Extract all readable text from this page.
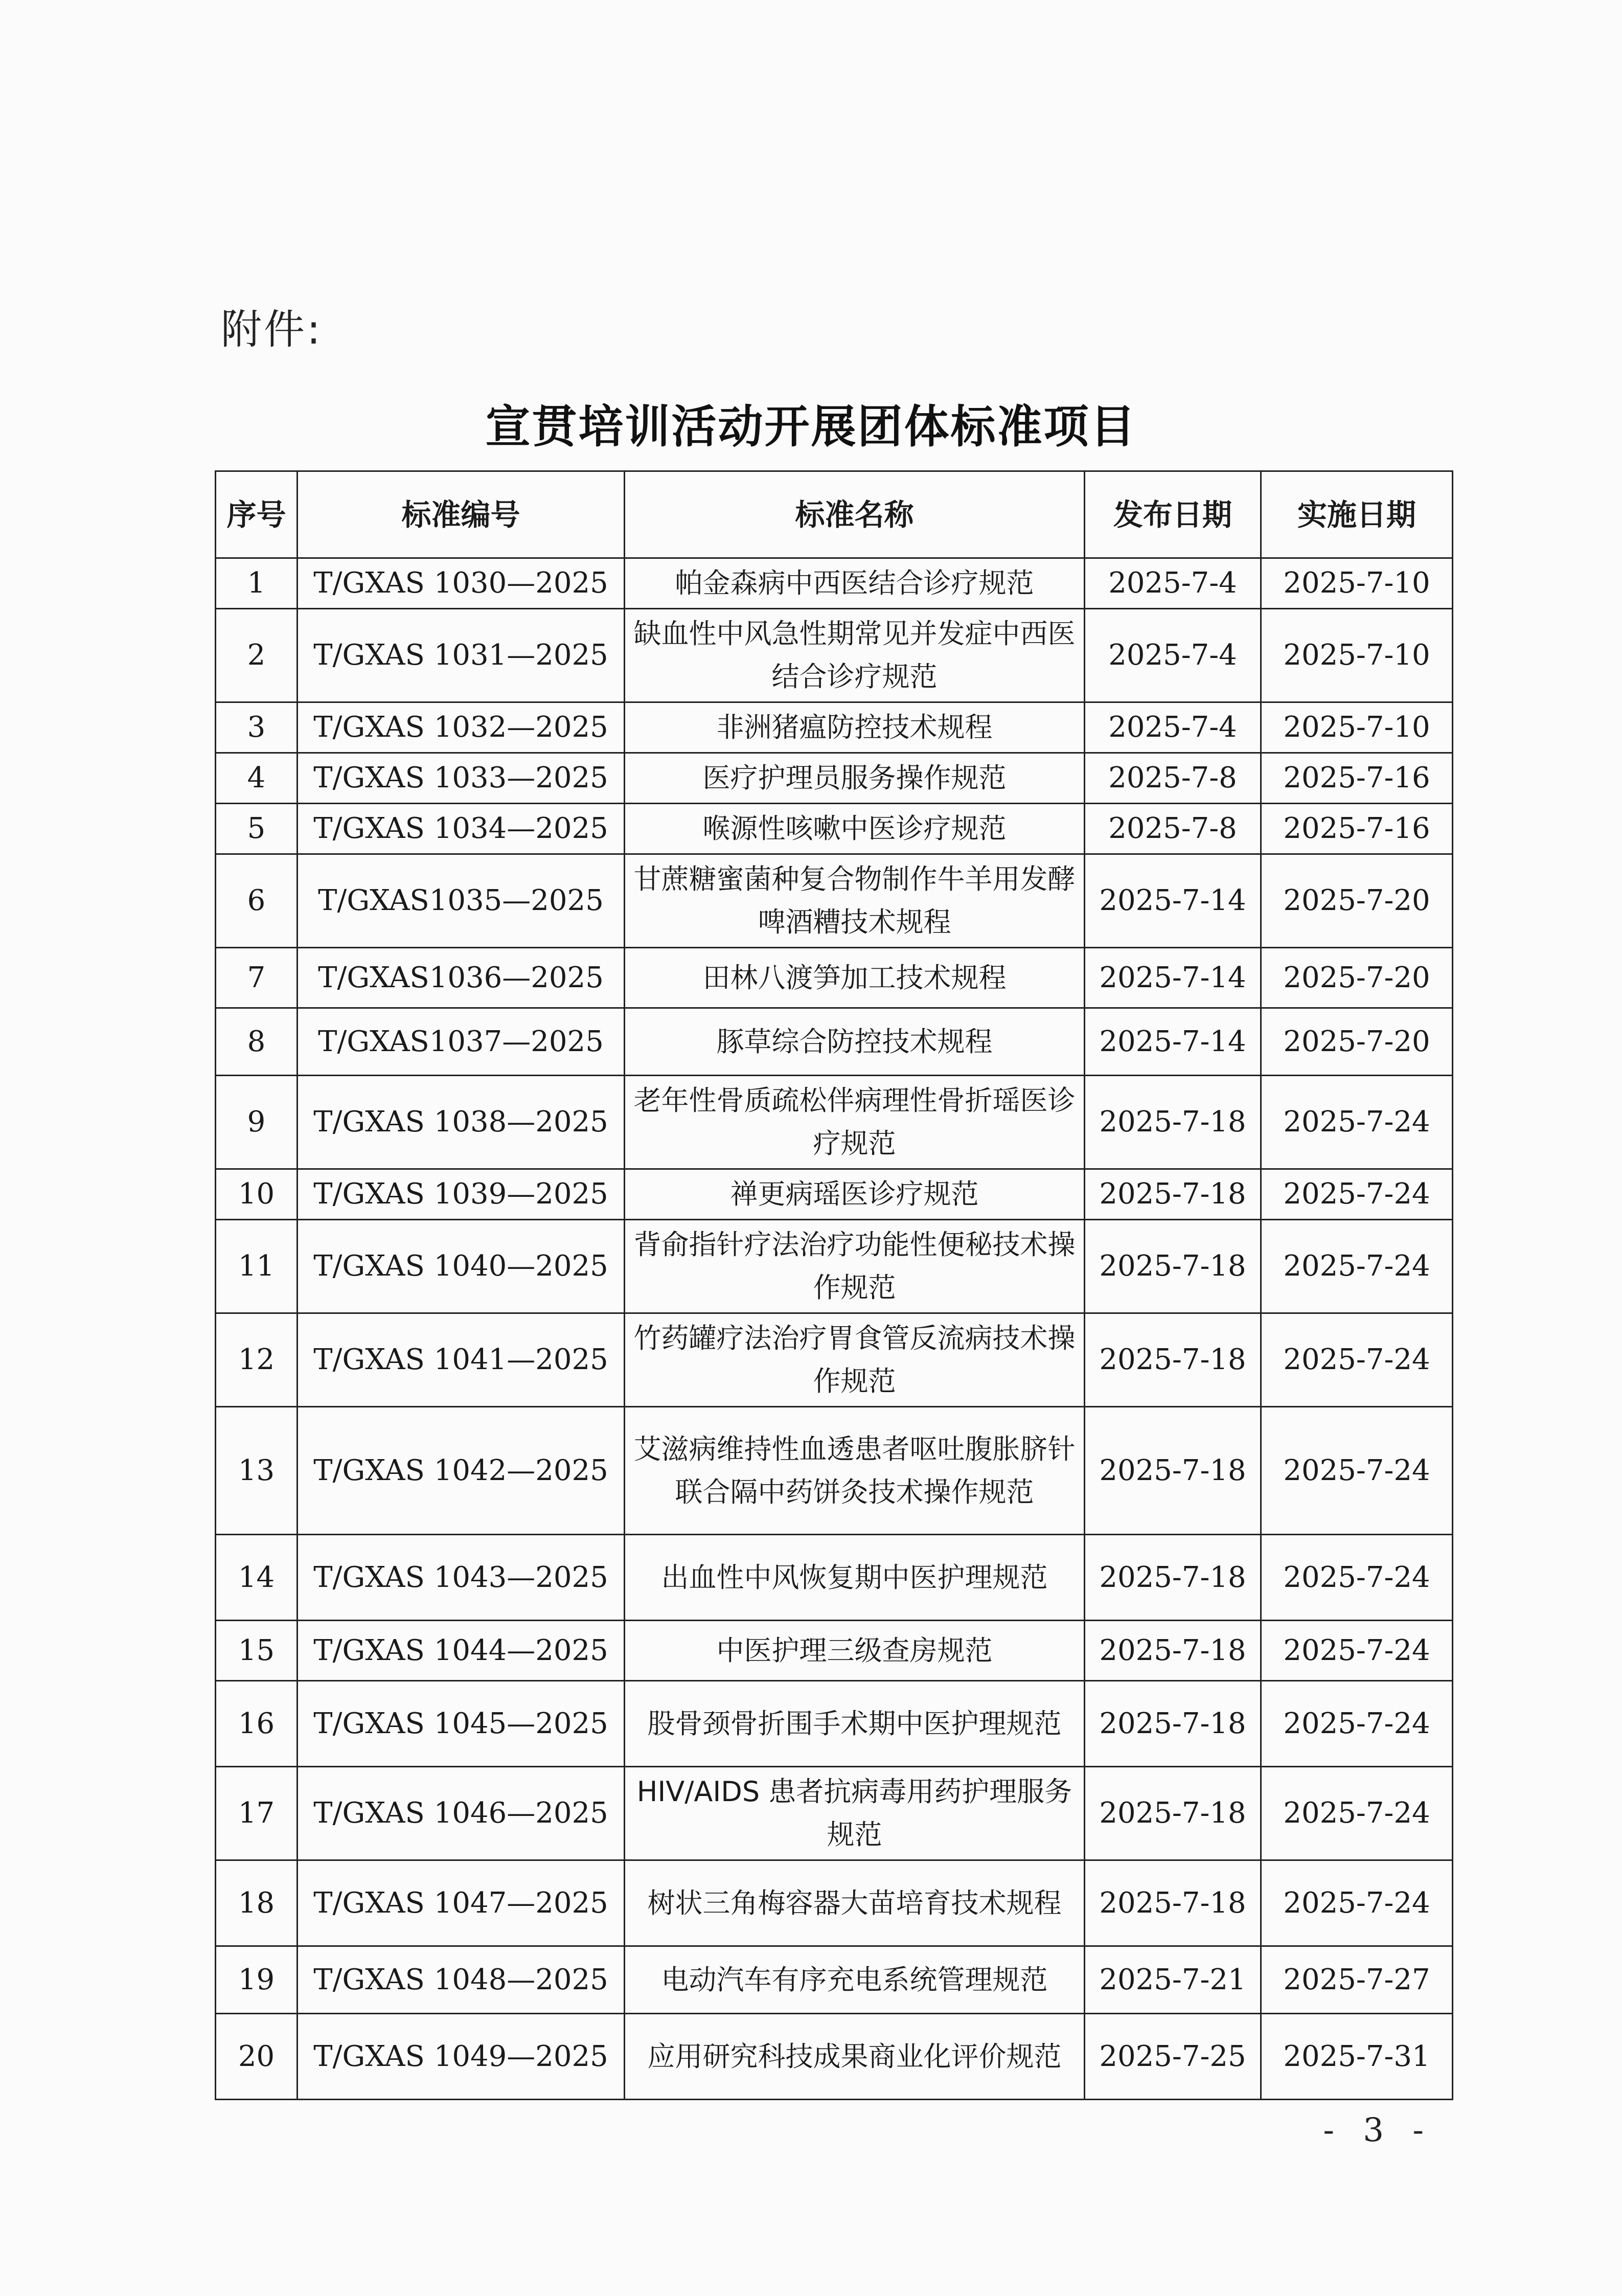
附件:
宣贯培训活动开展团体标准项目
序号	标准编号	标准名称	发布日期	实施日期
1	T/GXAS 1030—2025	帕金森病中西医结合诊疗规范	2025-7-4	2025-7-10
2	T/GXAS 1031—2025	缺血性中风急性期常见并发症中西医结合诊疗规范	2025-7-4	2025-7-10
3	T/GXAS 1032—2025	非洲猪瘟防控技术规程	2025-7-4	2025-7-10
4	T/GXAS 1033—2025	医疗护理员服务操作规范	2025-7-8	2025-7-16
5	T/GXAS 1034—2025	喉源性咳嗽中医诊疗规范	2025-7-8	2025-7-16
6	T/GXAS1035—2025	甘蔗糖蜜菌种复合物制作牛羊用发酵啤酒糟技术规程	2025-7-14	2025-7-20
7	T/GXAS1036—2025	田林八渡笋加工技术规程	2025-7-14	2025-7-20
8	T/GXAS1037—2025	豚草综合防控技术规程	2025-7-14	2025-7-20
9	T/GXAS 1038—2025	老年性骨质疏松伴病理性骨折瑶医诊疗规范	2025-7-18	2025-7-24
10	T/GXAS 1039—2025	禅更病瑶医诊疗规范	2025-7-18	2025-7-24
11	T/GXAS 1040—2025	背俞指针疗法治疗功能性便秘技术操作规范	2025-7-18	2025-7-24
12	T/GXAS 1041—2025	竹药罐疗法治疗胃食管反流病技术操作规范	2025-7-18	2025-7-24
13	T/GXAS 1042—2025	艾滋病维持性血透患者呕吐腹胀脐针联合隔中药饼灸技术操作规范	2025-7-18	2025-7-24
14	T/GXAS 1043—2025	出血性中风恢复期中医护理规范	2025-7-18	2025-7-24
15	T/GXAS 1044—2025	中医护理三级查房规范	2025-7-18	2025-7-24
16	T/GXAS 1045—2025	股骨颈骨折围手术期中医护理规范	2025-7-18	2025-7-24
17	T/GXAS 1046—2025	HIV/AIDS 患者抗病毒用药护理服务规范	2025-7-18	2025-7-24
18	T/GXAS 1047—2025	树状三角梅容器大苗培育技术规程	2025-7-18	2025-7-24
19	T/GXAS 1048—2025	电动汽车有序充电系统管理规范	2025-7-21	2025-7-27
20	T/GXAS 1049—2025	应用研究科技成果商业化评价规范	2025-7-25	2025-7-31
- 3 -
